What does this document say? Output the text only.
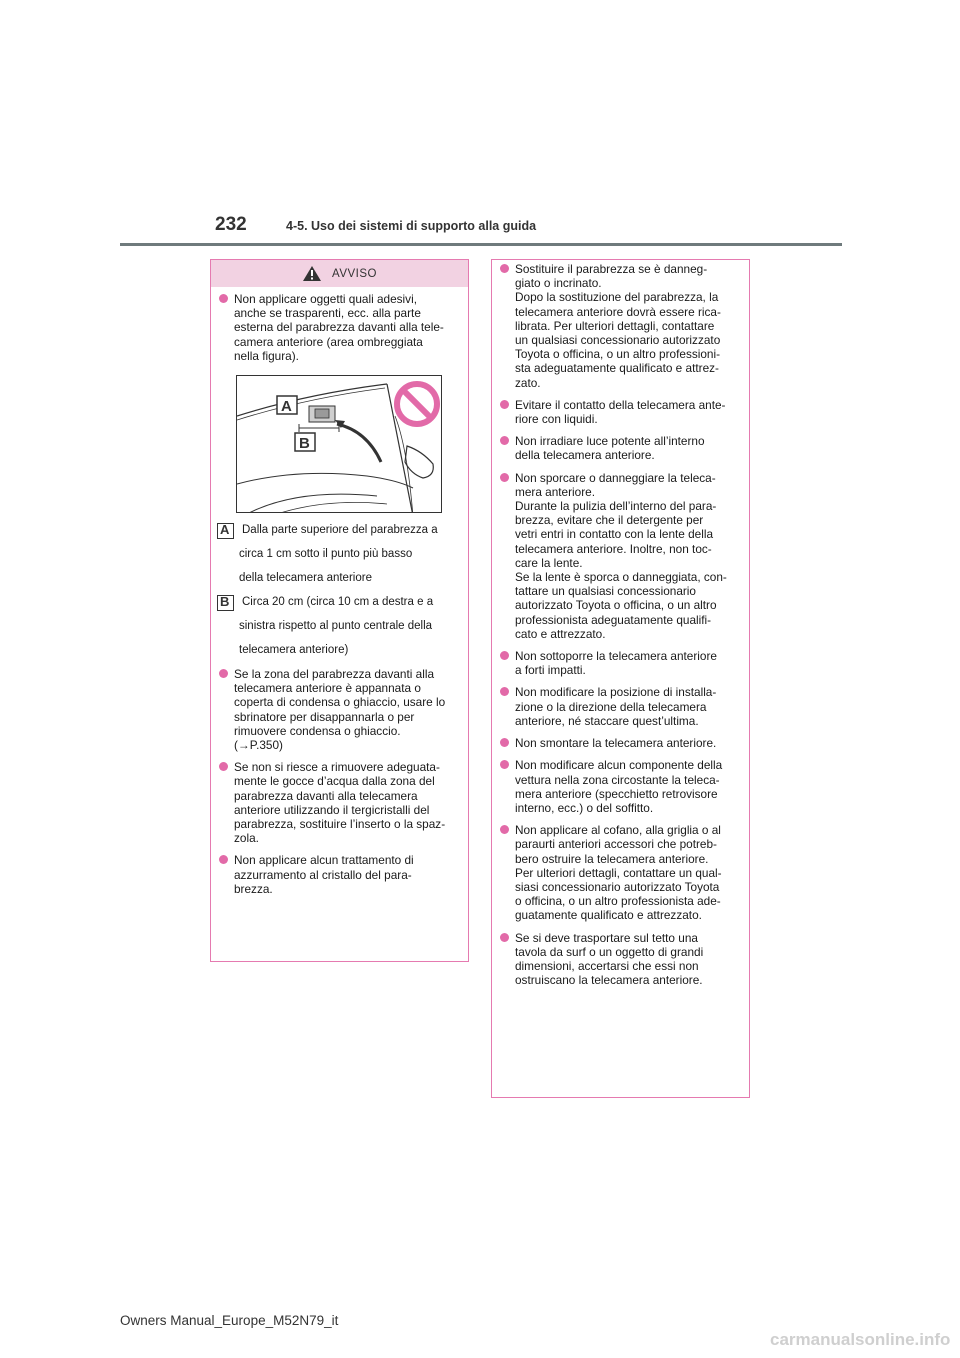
232	4-5. Uso dei sistemi di supporto alla guida
AVVISO
Non applicare oggetti quali adesivi,
anche se trasparenti, ecc. alla parte
esterna del parabrezza davanti alla tele-
camera anteriore (area ombreggiata
nella figura).
A
B
A Dalla parte superiore del parabrezza a
circa 1 cm sotto il punto più basso
della telecamera anteriore
B Circa 20 cm (circa 10 cm a destra e a
sinistra rispetto al punto centrale della
telecamera anteriore)
Se la zona del parabrezza davanti alla
telecamera anteriore è appannata o
coperta di condensa o ghiaccio, usare lo
sbrinatore per disappannarla o per
rimuovere condensa o ghiaccio.
(→P.350)
Se non si riesce a rimuovere adeguata-
mente le gocce d’acqua dalla zona del
parabrezza davanti alla telecamera
anteriore utilizzando il tergicristalli del
parabrezza, sostituire l’inserto o la spaz-
zola.
Non applicare alcun trattamento di
azzurramento al cristallo del para-
brezza.
Sostituire il parabrezza se è danneg-
giato o incrinato.
Dopo la sostituzione del parabrezza, la
telecamera anteriore dovrà essere rica-
librata. Per ulteriori dettagli, contattare
un qualsiasi concessionario autorizzato
Toyota o officina, o un altro professioni-
sta adeguatamente qualificato e attrez-
zato.
Evitare il contatto della telecamera ante-
riore con liquidi.
Non irradiare luce potente all’interno
della telecamera anteriore.
Non sporcare o danneggiare la teleca-
mera anteriore.
Durante la pulizia dell’interno del para-
brezza, evitare che il detergente per
vetri entri in contatto con la lente della
telecamera anteriore. Inoltre, non toc-
care la lente.
Se la lente è sporca o danneggiata, con-
tattare un qualsiasi concessionario
autorizzato Toyota o officina, o un altro
professionista adeguatamente qualifi-
cato e attrezzato.
Non sottoporre la telecamera anteriore
a forti impatti.
Non modificare la posizione di installa-
zione o la direzione della telecamera
anteriore, né staccare quest’ultima.
Non smontare la telecamera anteriore.
Non modificare alcun componente della
vettura nella zona circostante la teleca-
mera anteriore (specchietto retrovisore
interno, ecc.) o del soffitto.
Non applicare al cofano, alla griglia o al
paraurti anteriori accessori che potreb-
bero ostruire la telecamera anteriore.
Per ulteriori dettagli, contattare un qual-
siasi concessionario autorizzato Toyota
o officina, o un altro professionista ade-
guatamente qualificato e attrezzato.
Se si deve trasportare sul tetto una
tavola da surf o un oggetto di grandi
dimensioni, accertarsi che essi non
ostruiscano la telecamera anteriore.
Owners Manual_Europe_M52N79_it
carmanualsonline.info
